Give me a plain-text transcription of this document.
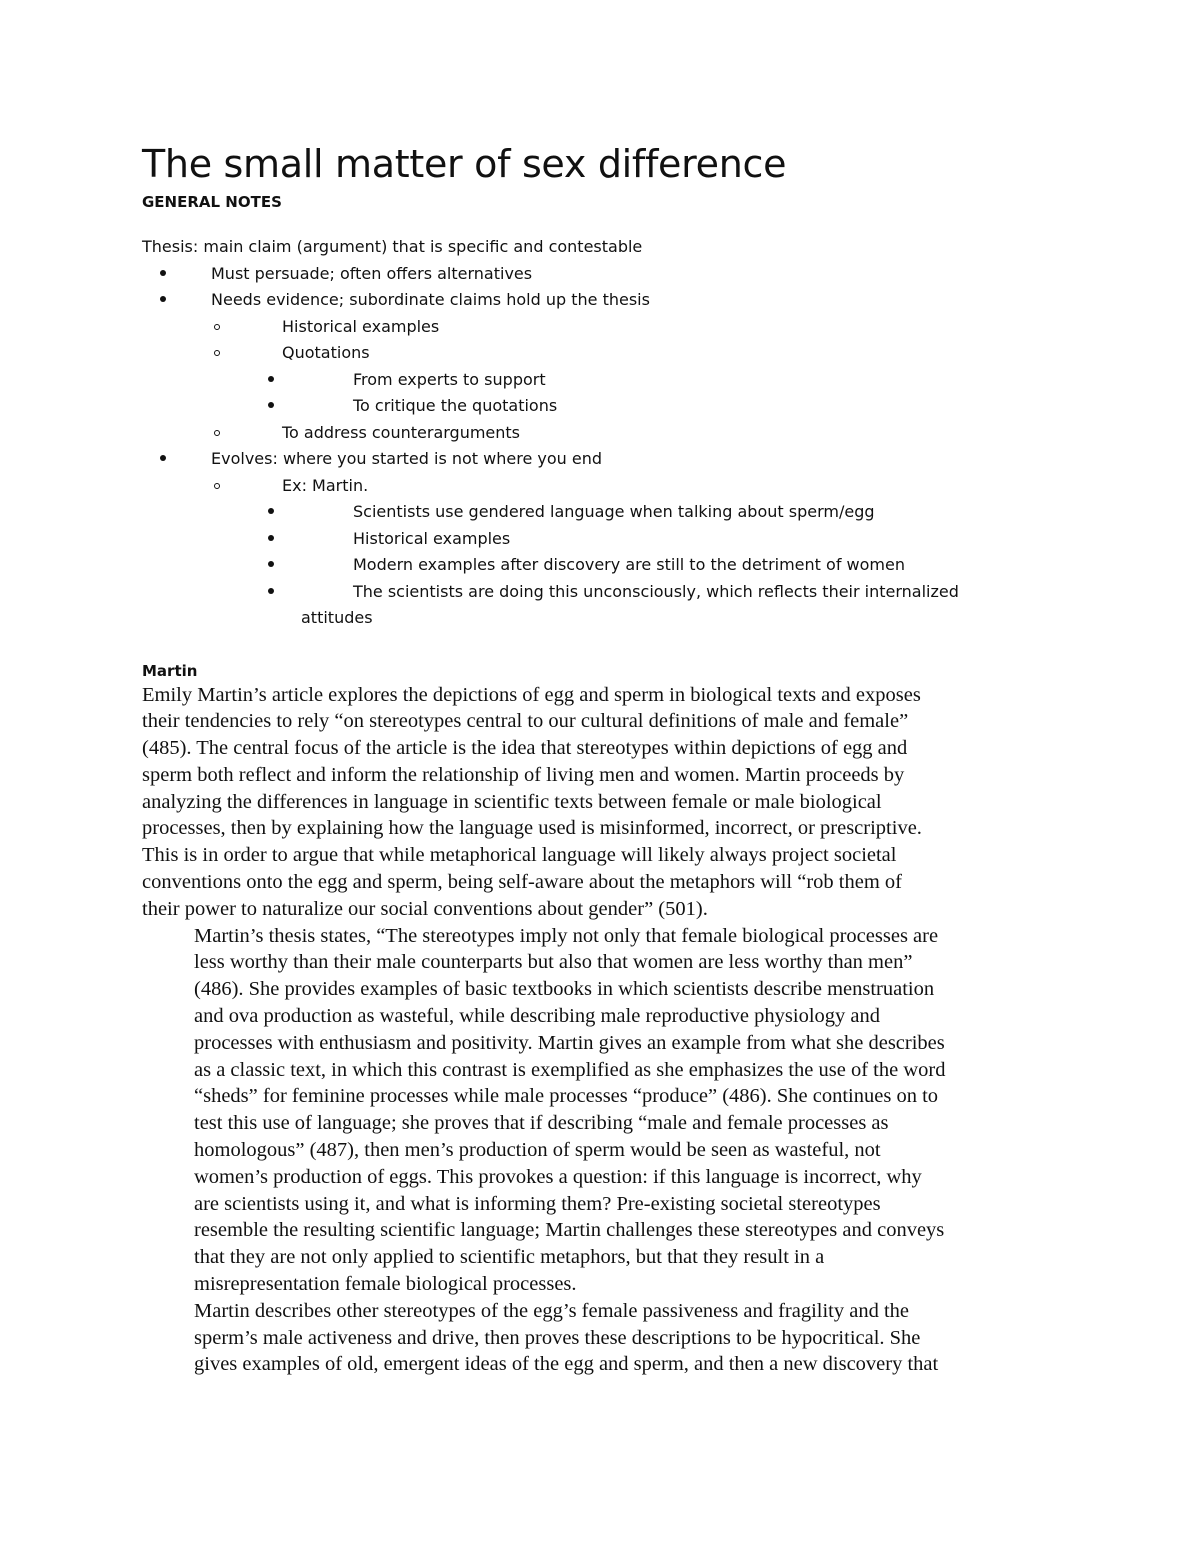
The small matter of sex difference
GENERAL NOTES
Thesis: main claim (argument) that is specific and contestable
Must persuade; often offers alternatives
Needs evidence; subordinate claims hold up the thesis
Historical examples
Quotations
From experts to support
To critique the quotations
To address counterarguments
Evolves: where you started is not where you end
Ex: Martin.
Scientists use gendered language when talking about sperm/egg
Historical examples
Modern examples after discovery are still to the detriment of women
The scientists are doing this unconsciously, which reflects their internalized
attitudes
Martin

Emily Martin’s article explores the depictions of egg and sperm in biological texts and exposes
their tendencies to rely “on stereotypes central to our cultural definitions of male and female”
(485). The central focus of the article is the idea that stereotypes within depictions of egg and
sperm both reflect and inform the relationship of living men and women. Martin proceeds by
analyzing the differences in language in scientific texts between female or male biological
processes, then by explaining how the language used is misinformed, incorrect, or prescriptive.
This is in order to argue that while metaphorical language will likely always project societal
conventions onto the egg and sperm, being self-aware about the metaphors will “rob them of
their power to naturalize our social conventions about gender” (501).

Martin’s thesis states, “The stereotypes imply not only that female biological processes are
less worthy than their male counterparts but also that women are less worthy than men”
(486). She provides examples of basic textbooks in which scientists describe menstruation
and ova production as wasteful, while describing male reproductive physiology and
processes with enthusiasm and positivity. Martin gives an example from what she describes
as a classic text, in which this contrast is exemplified as she emphasizes the use of the word
“sheds” for feminine processes while male processes “produce” (486). She continues on to
test this use of language; she proves that if describing “male and female processes as
homologous” (487), then men’s production of sperm would be seen as wasteful, not
women’s production of eggs. This provokes a question: if this language is incorrect, why
are scientists using it, and what is informing them? Pre-existing societal stereotypes
resemble the resulting scientific language; Martin challenges these stereotypes and conveys
that they are not only applied to scientific metaphors, but that they result in a
misrepresentation female biological processes.

Martin describes other stereotypes of the egg’s female passiveness and fragility and the
sperm’s male activeness and drive, then proves these descriptions to be hypocritical. She
gives examples of old, emergent ideas of the egg and sperm, and then a new discovery that
